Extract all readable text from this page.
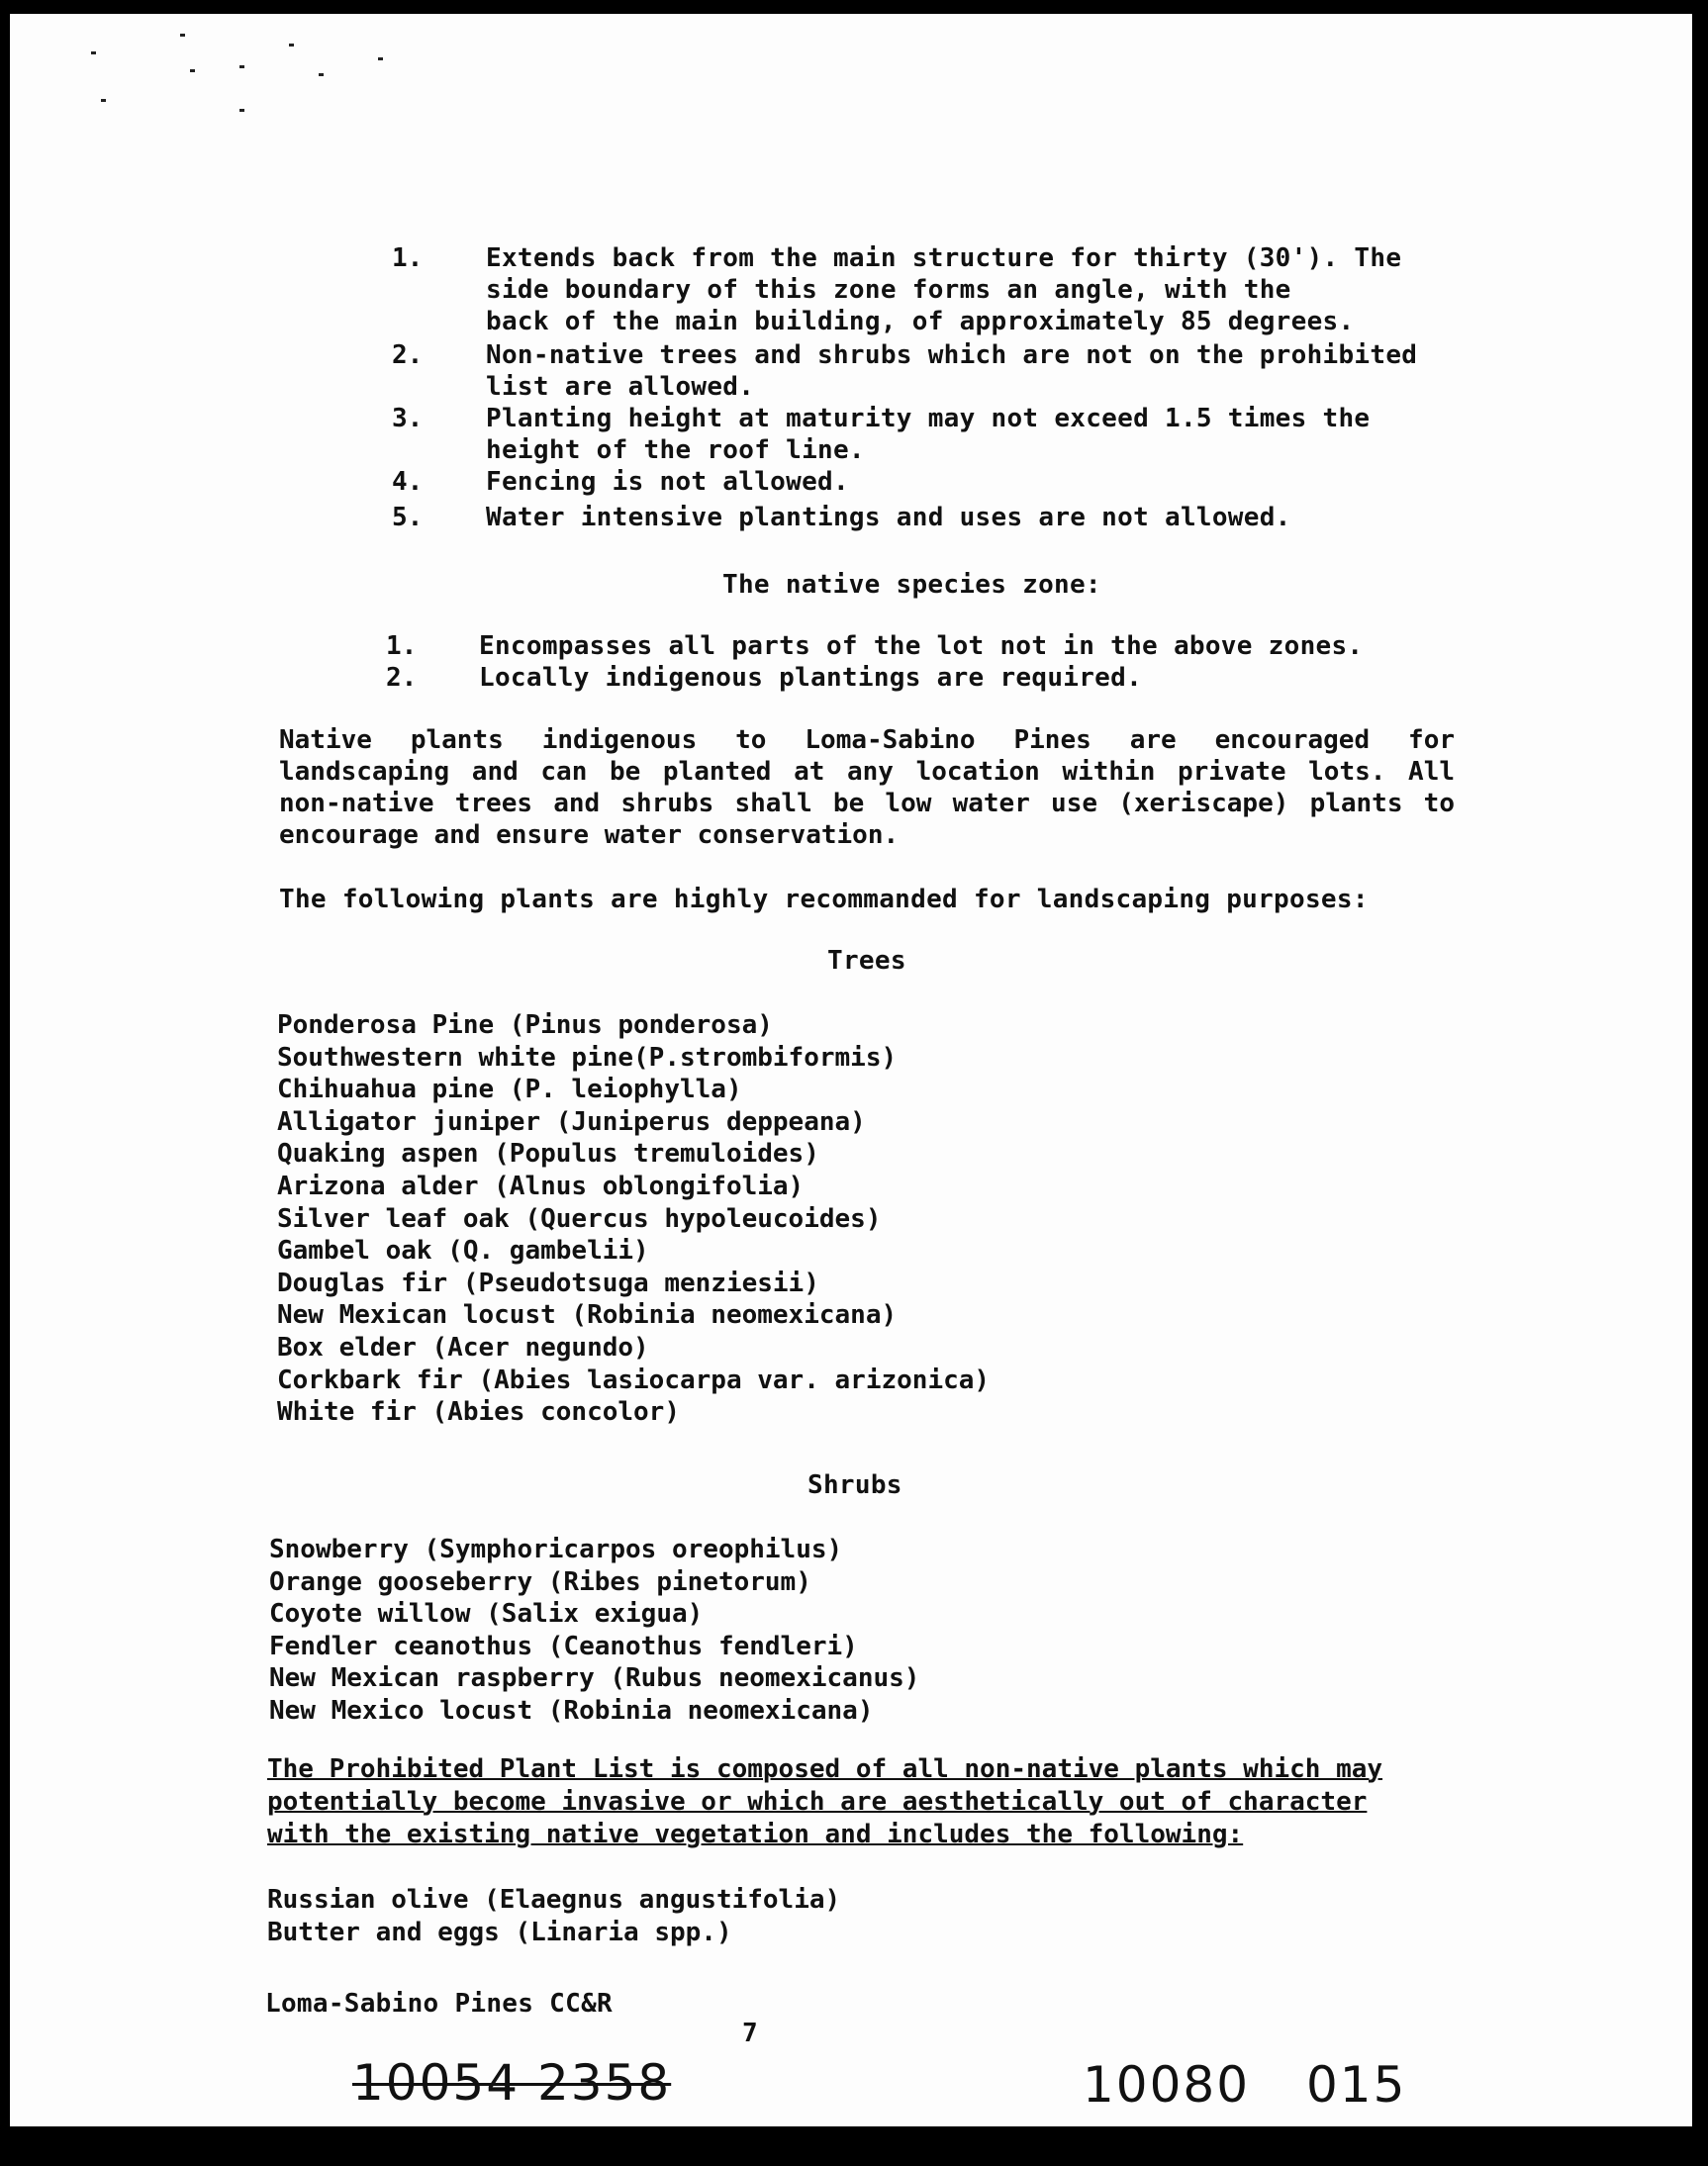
1. Extends back from the main structure for thirty (30'). The
side boundary of this zone forms an angle, with the
back of the main building, of approximately 85 degrees.
2. Non-native trees and shrubs which are not on the prohibited
list are allowed.
3. Planting height at maturity may not exceed 1.5 times the
height of the roof line.
4. Fencing is not allowed.
5. Water intensive plantings and uses are not allowed.
The native species zone:
1. Encompasses all parts of the lot not in the above zones.
2. Locally indigenous plantings are required.
Native plants indigenous to Loma-Sabino Pines are encouraged for landscaping and can be planted at any location within private lots. All non-native trees and shrubs shall be low water use (xeriscape) plants to encourage and ensure water conservation.
The following plants are highly recommanded for landscaping purposes:
Trees
Ponderosa Pine (Pinus ponderosa)
Southwestern white pine(P.strombiformis)
Chihuahua pine (P. leiophylla)
Alligator juniper (Juniperus deppeana)
Quaking aspen (Populus tremuloides)
Arizona alder (Alnus oblongifolia)
Silver leaf oak (Quercus hypoleucoides)
Gambel oak (Q. gambelii)
Douglas fir (Pseudotsuga menziesii)
New Mexican locust (Robinia neomexicana)
Box elder (Acer negundo)
Corkbark fir (Abies lasiocarpa var. arizonica)
White fir (Abies concolor)
Shrubs
Snowberry (Symphoricarpos oreophilus)
Orange gooseberry (Ribes pinetorum)
Coyote willow (Salix exigua)
Fendler ceanothus (Ceanothus fendleri)
New Mexican raspberry (Rubus neomexicanus)
New Mexico locust (Robinia neomexicana)
The Prohibited Plant List is composed of all non-native plants which may potentially become invasive or which are aesthetically out of character with the existing native vegetation and includes the following:
Russian olive (Elaegnus angustifolia)
Butter and eggs (Linaria spp.)
Loma-Sabino Pines CC&R
7
10054 2358	10080 015
